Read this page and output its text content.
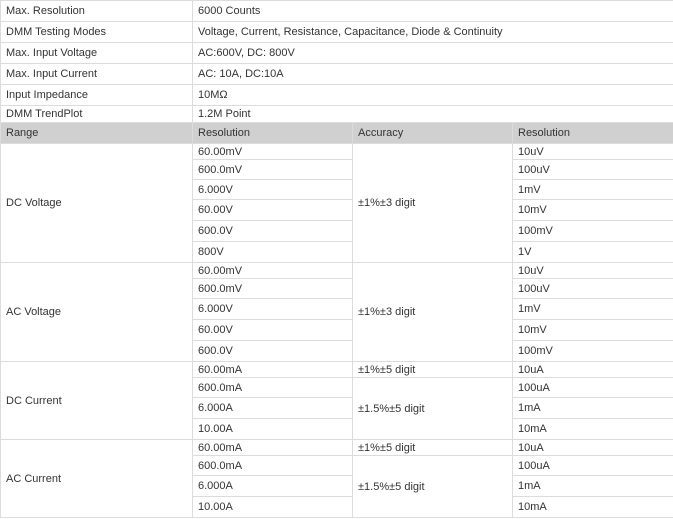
Max. Resolution	6000 Counts		
DMM Testing Modes	Voltage, Current, Resistance, Capacitance, Diode & Continuity		
Max. Input Voltage	AC:600V, DC: 800V		
Max. Input Current	AC: 10A, DC:10A		
Input Impedance	10MΩ		
DMM TrendPlot	1.2M Point		
Range	Resolution	Accuracy	Resolution
DC Voltage	60.00mV	±1%±3 digit	10uV
	600.0mV		100uV
	6.000V		1mV
	60.00V		10mV
	600.0V		100mV
	800V		1V
AC Voltage	60.00mV	±1%±3 digit	10uV
	600.0mV		100uV
	6.000V		1mV
	60.00V		10mV
	600.0V		100mV
DC Current	60.00mA	±1%±5 digit	10uA
	600.0mA	±1.5%±5 digit	100uA
	6.000A		1mA
	10.00A		10mA
AC Current	60.00mA	±1%±5 digit	10uA
	600.0mA	±1.5%±5 digit	100uA
	6.000A		1mA
	10.00A		10mA
